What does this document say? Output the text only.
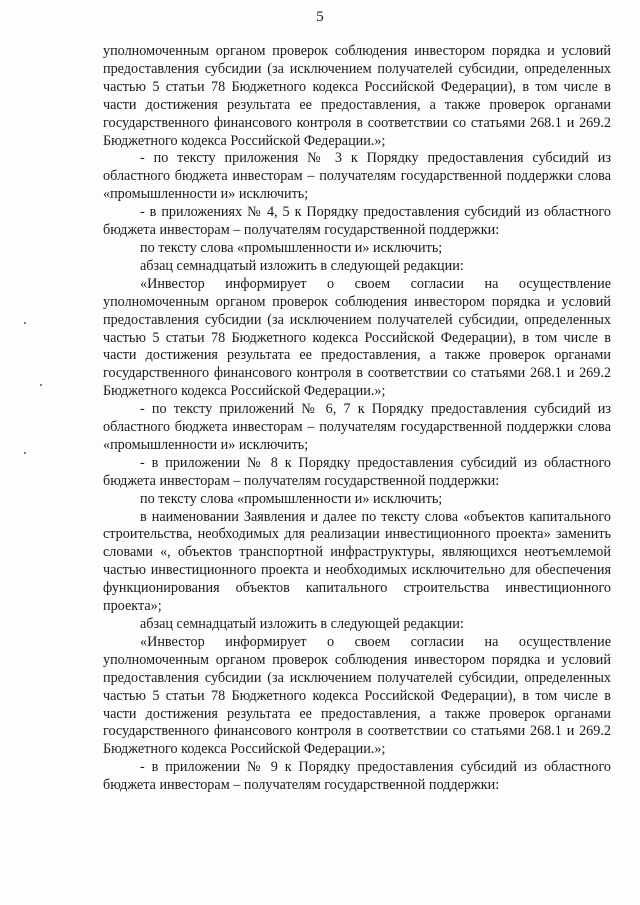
5

уполномоченным органом проверок соблюдения инвестором порядка и условий предоставления субсидии (за исключением получателей субсидии, определенных частью 5 статьи 78 Бюджетного кодекса Российской Федерации), в том числе в части достижения результата ее предоставления, а также проверок органами государственного финансового контроля в соответствии со статьями 268.1 и 269.2 Бюджетного кодекса Российской Федерации.»;

- по тексту приложения № 3 к Порядку предоставления субсидий из областного бюджета инвесторам – получателям государственной поддержки слова «промышленности и» исключить;

- в приложениях № 4, 5 к Порядку предоставления субсидий из областного бюджета инвесторам – получателям государственной поддержки:

по тексту слова «промышленности и» исключить;

абзац семнадцатый изложить в следующей редакции:

«Инвестор информирует о своем согласии на осуществление уполномоченным органом проверок соблюдения инвестором порядка и условий предоставления субсидии (за исключением получателей субсидии, определенных частью 5 статьи 78 Бюджетного кодекса Российской Федерации), в том числе в части достижения результата ее предоставления, а также проверок органами государственного финансового контроля в соответствии со статьями 268.1 и 269.2 Бюджетного кодекса Российской Федерации.»;

- по тексту приложений № 6, 7 к Порядку предоставления субсидий из областного бюджета инвесторам – получателям государственной поддержки слова «промышленности и» исключить;

- в приложении № 8 к Порядку предоставления субсидий из областного бюджета инвесторам – получателям государственной поддержки:

по тексту слова «промышленности и» исключить;

в наименовании Заявления и далее по тексту слова «объектов капитального строительства, необходимых для реализации инвестиционного проекта» заменить словами «, объектов транспортной инфраструктуры, являющихся неотъемлемой частью инвестиционного проекта и необходимых исключительно для обеспечения функционирования объектов капитального строительства инвестиционного проекта»;

абзац семнадцатый изложить в следующей редакции:

«Инвестор информирует о своем согласии на осуществление уполномоченным органом проверок соблюдения инвестором порядка и условий предоставления субсидии (за исключением получателей субсидии, определенных частью 5 статьи 78 Бюджетного кодекса Российской Федерации), в том числе в части достижения результата ее предоставления, а также проверок органами государственного финансового контроля в соответствии со статьями 268.1 и 269.2 Бюджетного кодекса Российской Федерации.»;

- в приложении № 9 к Порядку предоставления субсидий из областного бюджета инвесторам – получателям государственной поддержки:
